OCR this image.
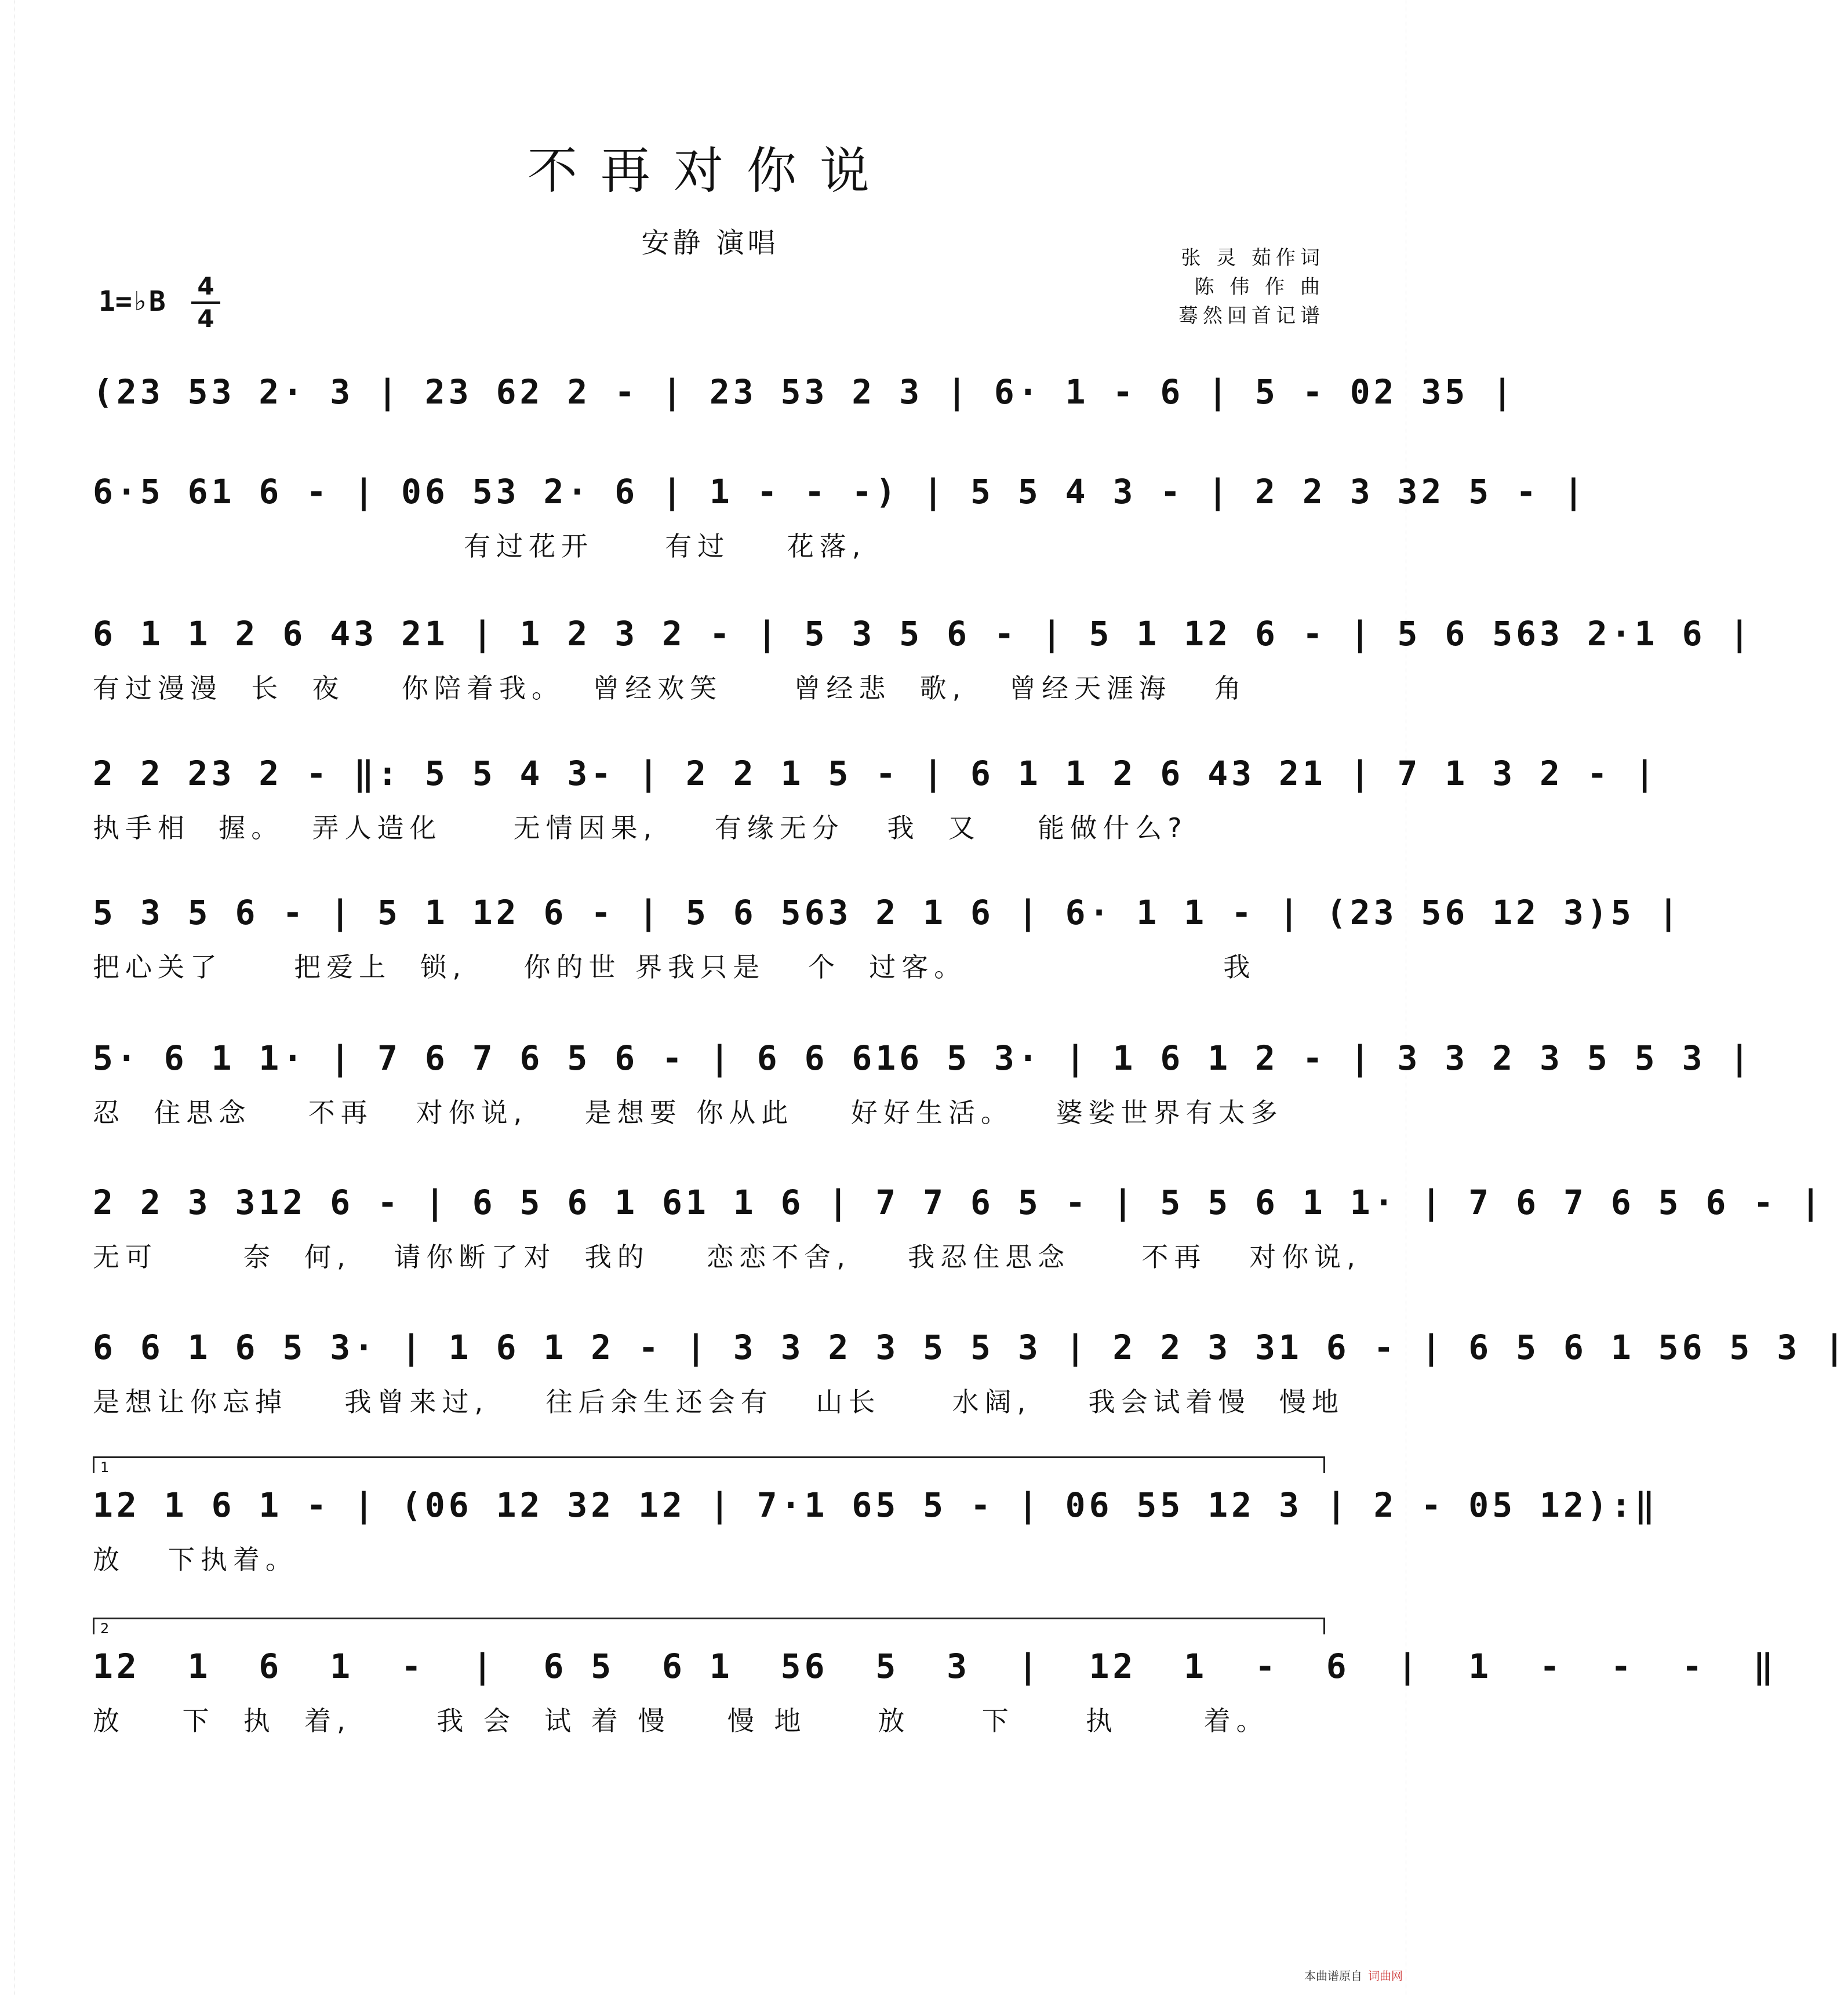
不再对你说
安静 演唱	张 灵 茹作词
陈 伟 作 曲
蓦然回首记谱
1=♭B 4
4
(23 53 2· 3 | 23 62 2 - | 23 53 2 3 | 6· 1 - 6 | 5 - 02 35 |
6·5 61 6 - | 06 53 2· 6 | 1 - - -) | 5 5 4 3 - | 2 2 3 32 5 - |
有过花开     有过    花落,
6 1 1 2 6 43 21 | 1 2 3 2 - | 5 3 5 6 - | 5 1 12 6 - | 5 6 563 2·1 6 |
有过漫漫  长  夜    你陪着我。  曾经欢笑     曾经悲  歌,   曾经天涯海   角
2 2 23 2 - ‖: 5 5 4 3- | 2 2 1 5 - | 6 1 1 2 6 43 21 | 7 1 3 2 - |
执手相  握。  弄人造化     无情因果,    有缘无分   我  又    能做什么?
5 3 5 6 - | 5 1 12 6 - | 5 6 563 2 1 6 | 6· 1 1 - | (23 56 12 3)5 |
把心关了     把爱上  锁,    你的世 界我只是   个  过客。                  我
5· 6 1 1· | 7 6 7 6 5 6 - | 6 6 616 5 3· | 1 6 1 2 - | 3 3 2 3 5 5 3 |
忍  住思念    不再   对你说,    是想要 你从此    好好生活。   婆娑世界有太多
2 2 3 312 6 - | 6 5 6 1 61 1 6 | 7 7 6 5 - | 5 5 6 1 1· | 7 6 7 6 5 6 - |
无可      奈  何,   请你断了对  我的    恋恋不舍,    我忍住思念     不再   对你说,
6 6 1 6 5 3· | 1 6 1 2 - | 3 3 2 3 5 5 3 | 2 2 3 31 6 - | 6 5 6 1 56 5 3 |
是想让你忘掉    我曾来过,    往后余生还会有   山长     水阔,    我会试着慢  慢地
1
12 1 6 1 - | (06 12 32 12 | 7·1 65 5 - | 06 55 12 3 | 2 - 05 12):‖
放   下执着。
2
12  1  6  1  -  |  6 5  6 1  56  5  3  |  12  1  -  6  |  1  -  -  -  ‖
放    下  执  着,      我 会  试 着 慢    慢 地     放     下     执      着。
本曲谱原自 词曲网
